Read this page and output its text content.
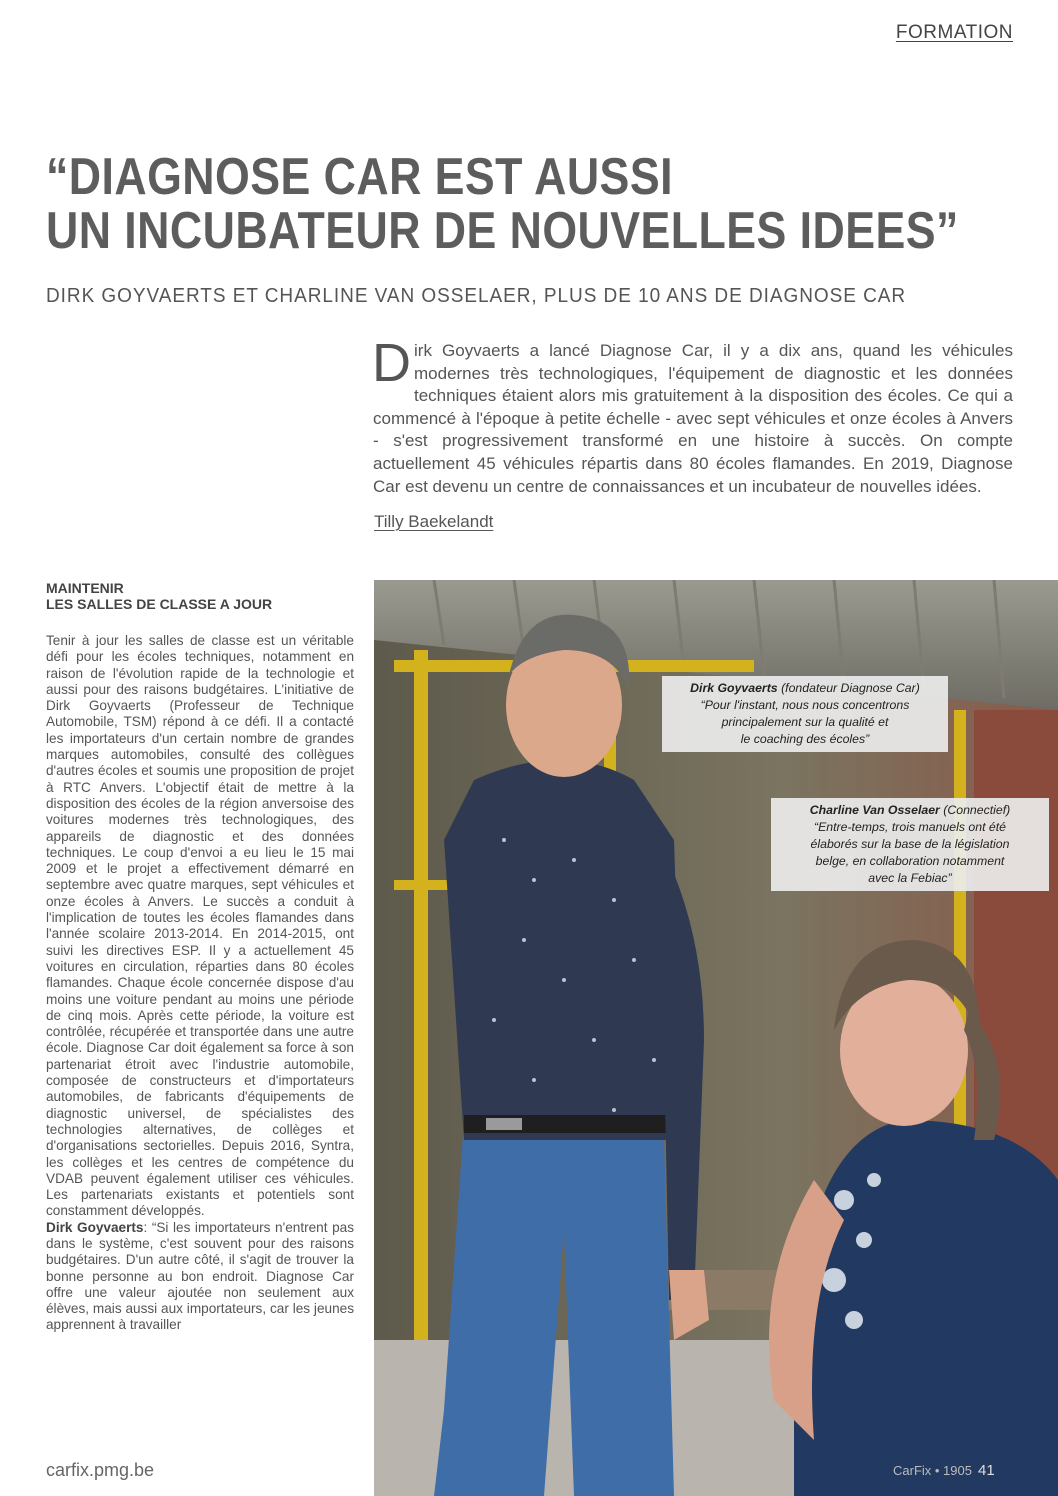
FORMATION
“DIAGNOSE CAR EST AUSSI
UN INCUBATEUR DE NOUVELLES IDEES”
DIRK GOYVAERTS ET CHARLINE VAN OSSELAER, PLUS DE 10 ANS DE DIAGNOSE CAR
Dirk Goyvaerts a lancé Diagnose Car, il y a dix ans, quand les véhicules modernes très technologiques, l'équipement de diagnostic et les données techniques étaient alors mis gratuitement à la disposition des écoles. Ce qui a commencé à l'époque à petite échelle - avec sept véhicules et onze écoles à Anvers - s'est progressivement transformé en une histoire à succès. On compte actuellement 45 véhicules répartis dans 80 écoles flamandes. En 2019, Diagnose Car est devenu un centre de connaissances et un incubateur de nouvelles idées.
Tilly Baekelandt
MAINTENIR
LES SALLES DE CLASSE A JOUR

Tenir à jour les salles de classe est un véritable défi pour les écoles techniques, notamment en raison de l'évolution rapide de la technologie et aussi pour des raisons budgétaires. L'initiative de Dirk Goyvaerts (Professeur de Technique Automobile, TSM) répond à ce défi. Il a contacté les importateurs d'un certain nombre de grandes marques automobiles, consulté des collègues d'autres écoles et soumis une proposition de projet à RTC Anvers. L'objectif était de mettre à la disposition des écoles de la région anversoise des voitures modernes très technologiques, des appareils de diagnostic et des données techniques. Le coup d'envoi a eu lieu le 15 mai 2009 et le projet a effectivement démarré en septembre avec quatre marques, sept véhicules et onze écoles à Anvers. Le succès a conduit à l'implication de toutes les écoles flamandes dans l'année scolaire 2013-2014. En 2014-2015, ont suivi les directives ESP. Il y a actuellement 45 voitures en circulation, réparties dans 80 écoles flamandes. Chaque école concernée dispose d'au moins une voiture pendant au moins une période de cinq mois. Après cette période, la voiture est contrôlée, récupérée et transportée dans une autre école. Diagnose Car doit également sa force à son partenariat étroit avec l'industrie automobile, composée de constructeurs et d'importateurs automobiles, de fabricants d'équipements de diagnostic universel, de spécialistes des technologies alternatives, de collèges et d'organisations sectorielles. Depuis 2016, Syntra, les collèges et les centres de compétence du VDAB peuvent également utiliser ces véhicules. Les partenariats existants et potentiels sont constamment développés.

Dirk Goyvaerts: “Si les importateurs n'entrent pas dans le système, c'est souvent pour des raisons budgétaires. D'un autre côté, il s'agit de trouver la bonne personne au bon endroit. Diagnose Car offre une valeur ajoutée non seulement aux élèves, mais aussi aux importateurs, car les jeunes apprennent à travailler

carfix.pmg.be
Dirk Goyvaerts (fondateur Diagnose Car)
“Pour l'instant, nous nous concentrons
principalement sur la qualité et
le coaching des écoles”
Charline Van Osselaer (Connectief)
“Entre-temps, trois manuels ont été
élaborés sur la base de la législation
belge, en collaboration notamment
avec la Febiac”
CarFix • 1905 41
